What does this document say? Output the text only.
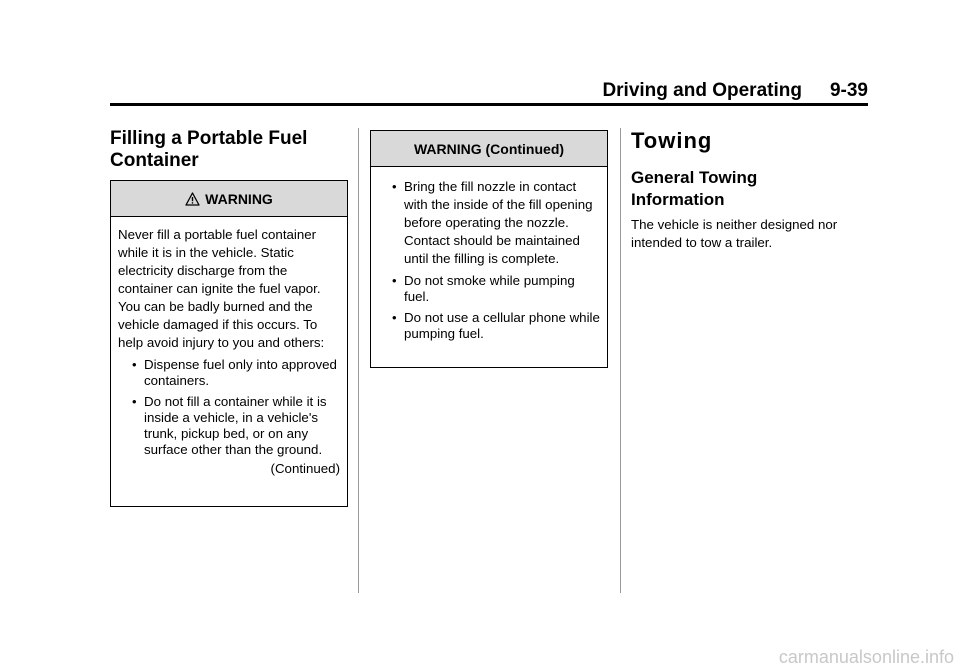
Driving and Operating 9-39
Filling a Portable Fuel
Container
WARNING

Never fill a portable fuel container while it is in the vehicle. Static electricity discharge from the container can ignite the fuel vapor. You can be badly burned and the vehicle damaged if this occurs. To help avoid injury to you and others:

• Dispense fuel only into approved containers.
• Do not fill a container while it is inside a vehicle, in a vehicle's trunk, pickup bed, or on any surface other than the ground.

(Continued)

WARNING (Continued)
• Bring the fill nozzle in contact with the inside of the fill opening before operating the nozzle. Contact should be maintained until the filling is complete.
• Do not smoke while pumping fuel.
• Do not use a cellular phone while pumping fuel.
Towing
General Towing
Information

The vehicle is neither designed nor intended to tow a trailer.

carmanualsonline.info
